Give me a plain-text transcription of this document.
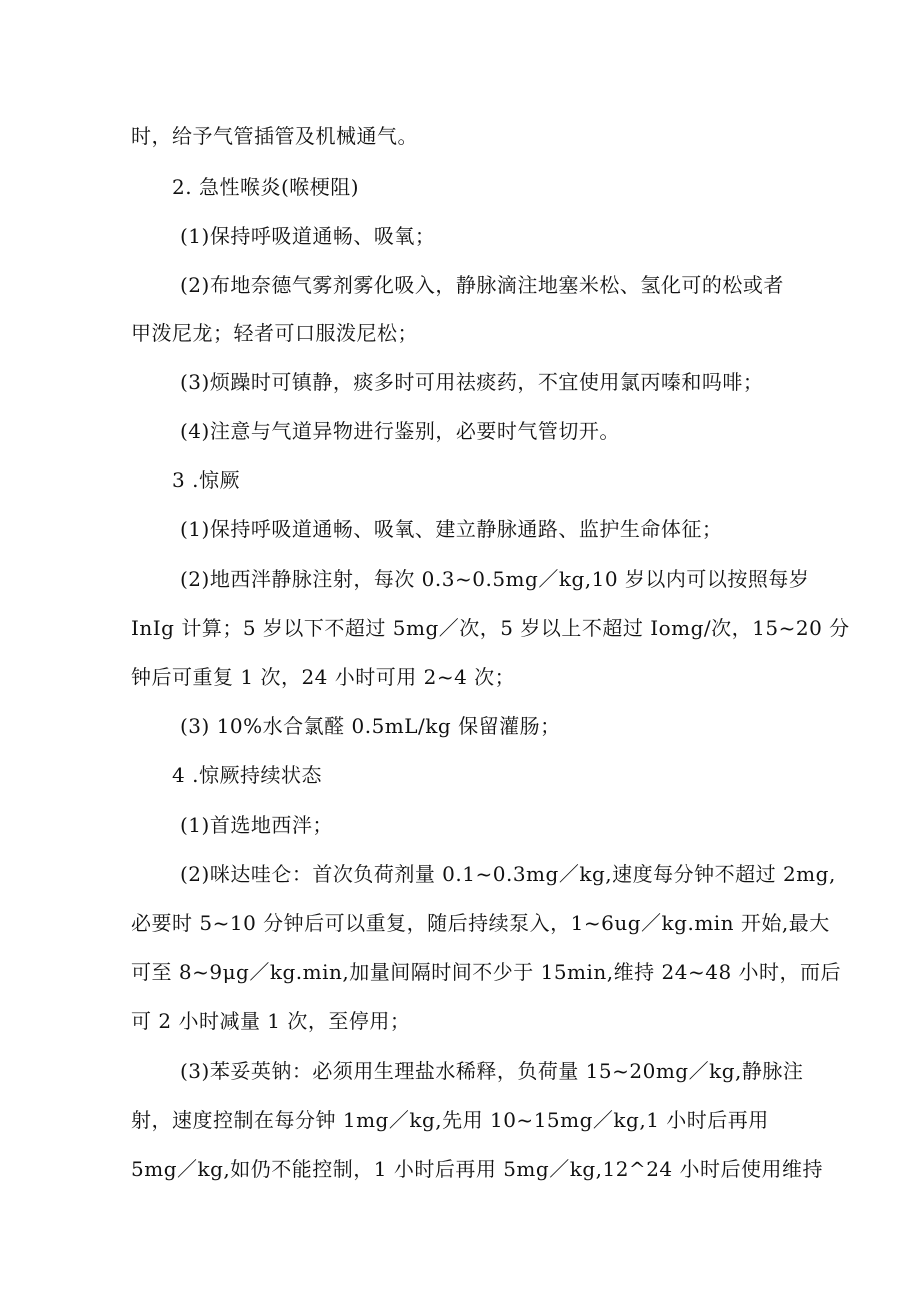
时，给予气管插管及机械通气。
2. 急性喉炎(喉梗阻)
(1)保持呼吸道通畅、吸氧；
(2)布地奈德气雾剂雾化吸入，静脉滴注地塞米松、氢化可的松或者
甲泼尼龙；轻者可口服泼尼松；
(3)烦躁时可镇静，痰多时可用祛痰药，不宜使用氯丙嗪和吗啡；
(4)注意与气道异物进行鉴别，必要时气管切开。
3 .惊厥
(1)保持呼吸道通畅、吸氧、建立静脉通路、监护生命体征；
(2)地西泮静脉注射，每次 0.3~0.5mg／kg,10 岁以内可以按照每岁
InIg 计算；5 岁以下不超过 5mg／次，5 岁以上不超过 Iomg/次，15~20 分
钟后可重复 1 次，24 小时可用 2~4 次；
(3) 10%水合氯醛 0.5mL/kg 保留灌肠；
4 .惊厥持续状态
(1)首选地西泮；
(2)咪达哇仑：首次负荷剂量 0.1~0.3mg／kg,速度每分钟不超过 2mg,
必要时 5~10 分钟后可以重复，随后持续泵入，1~6ug／kg.min 开始,最大
可至 8~9μg／kg.min,加量间隔时间不少于 15min,维持 24~48 小时，而后
可 2 小时减量 1 次，至停用；
(3)苯妥英钠：必须用生理盐水稀释，负荷量 15~20mg／kg,静脉注
射，速度控制在每分钟 1mg／kg,先用 10~15mg／kg,1 小时后再用
5mg／kg,如仍不能控制，1 小时后再用 5mg／kg,12^24 小时后使用维持
